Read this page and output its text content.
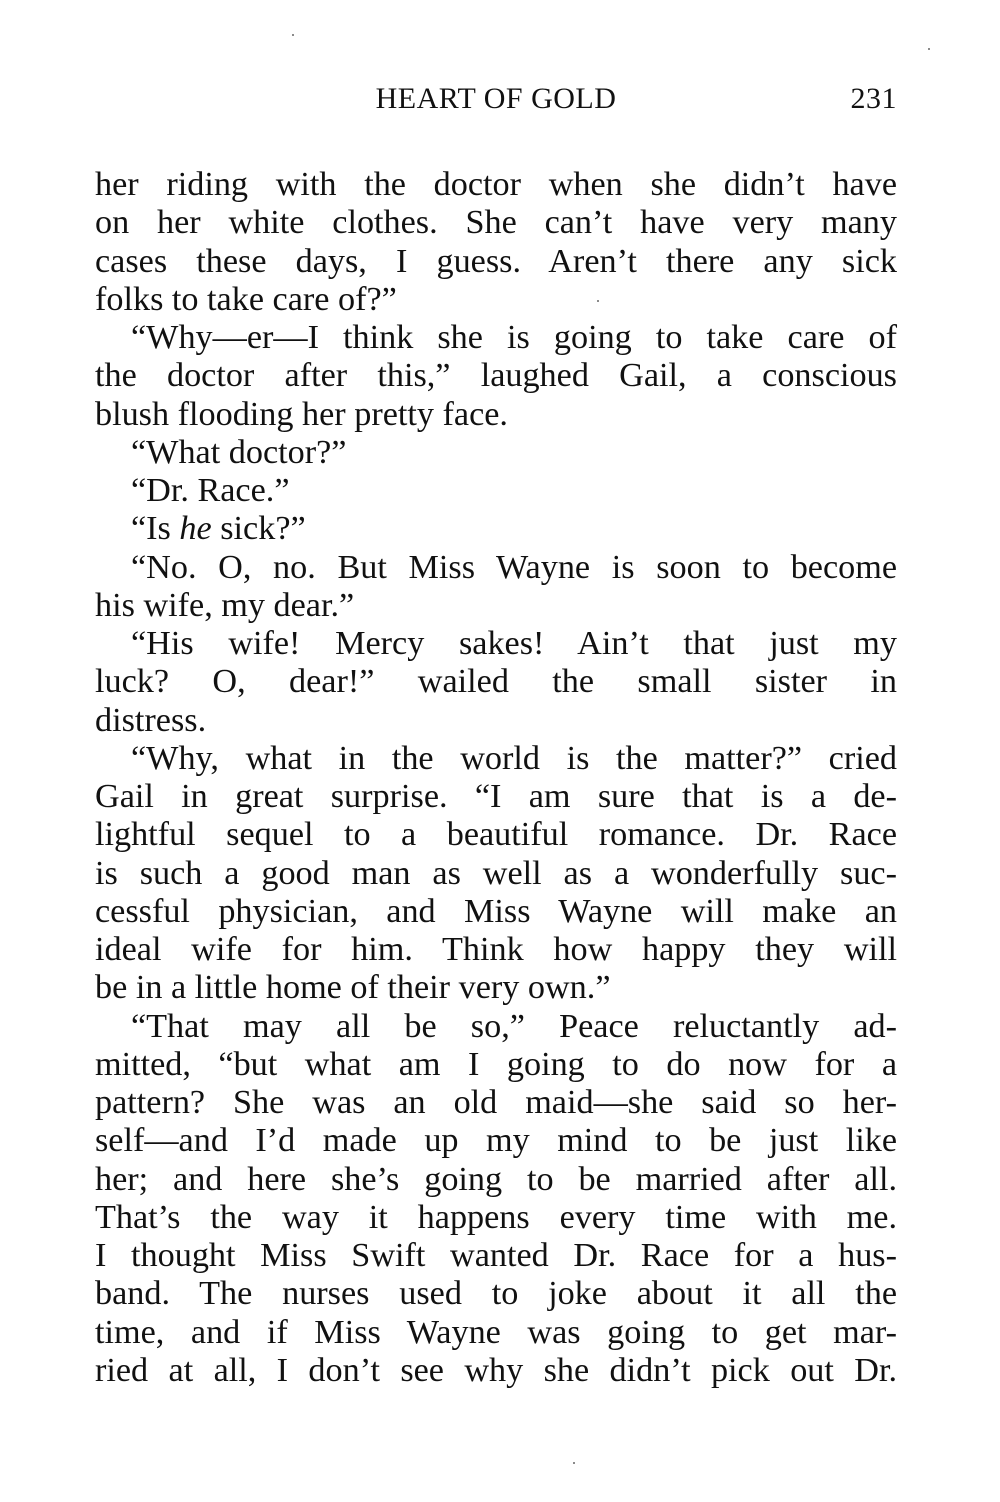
HEART OF GOLD	231
her riding with the doctor when she didn’t have
on her white clothes. She can’t have very many
cases these days, I guess. Aren’t there any sick
folks to take care of?”
“Why—er—I think she is going to take care of
the doctor after this,” laughed Gail, a conscious
blush flooding her pretty face.
“What doctor?”
“Dr. Race.”
“Is he sick?”
“No. O, no. But Miss Wayne is soon to become
his wife, my dear.”
“His wife! Mercy sakes! Ain’t that just my
luck? O, dear!” wailed the small sister in
distress.
“Why, what in the world is the matter?” cried
Gail in great surprise. “I am sure that is a de-
lightful sequel to a beautiful romance. Dr. Race
is such a good man as well as a wonderfully suc-
cessful physician, and Miss Wayne will make an
ideal wife for him. Think how happy they will
be in a little home of their very own.”
“That may all be so,” Peace reluctantly ad-
mitted, “but what am I going to do now for a
pattern? She was an old maid—she said so her-
self—and I’d made up my mind to be just like
her; and here she’s going to be married after all.
That’s the way it happens every time with me.
I thought Miss Swift wanted Dr. Race for a hus-
band. The nurses used to joke about it all the
time, and if Miss Wayne was going to get mar-
ried at all, I don’t see why she didn’t pick out Dr.
